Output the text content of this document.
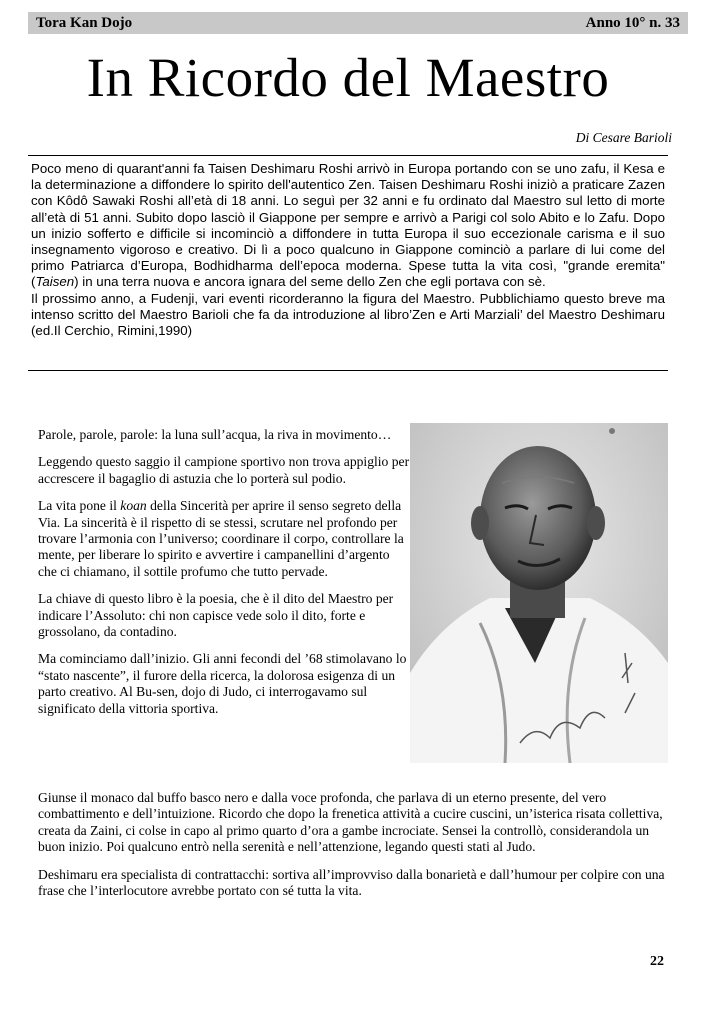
Tora Kan Dojo	Anno 10° n. 33
In Ricordo del Maestro
Di Cesare Barioli

Poco meno di quarant'anni fa Taisen Deshimaru Roshi arrivò in Europa portando con se uno zafu, il Kesa e la determinazione a diffondere lo spirito dell'autentico Zen. Taisen Deshimaru Roshi iniziò a praticare Zazen con Kôdô Sawaki Roshi all’età di 18 anni. Lo seguì per 32 anni e fu ordinato dal Maestro sul letto di morte all’età di 51 anni. Subito dopo lasciò il Giappone per sempre e arrivò a Parigi col solo Abito e lo Zafu. Dopo un inizio sofferto e difficile si incominciò a diffondere in tutta Europa il suo eccezionale carisma e il suo insegnamento vigoroso e creativo. Di lì a poco qualcuno in Giappone cominciò a parlare di lui come del primo Patriarca d’Europa, Bodhidharma dell’epoca moderna. Spese tutta la vita così, "grande eremita" (Taisen) in una terra nuova e ancora ignara del seme dello Zen che egli portava con sè.

Il prossimo anno, a Fudenji, vari eventi ricorderanno la figura del Maestro. Pubblichiamo questo breve ma intenso scritto del Maestro Barioli che fa da introduzione al libro’Zen e Arti Marziali’ del Maestro Deshimaru (ed.Il Cerchio, Rimini,1990)

Parole, parole, parole: la luna sull’acqua, la riva in movimento…

Leggendo questo saggio il campione sportivo non trova appiglio per accrescere il bagaglio di astuzia che lo porterà sul podio.

La vita pone il koan della Sincerità per aprire il senso segreto della Via. La sincerità è il rispetto di se stessi, scrutare nel profondo per trovare l’armonia con l’universo; coordinare il corpo, controllare la mente, per liberare lo spirito e avvertire i campanellini d’argento che ci chiamano, il sottile profumo che tutto pervade.

La chiave di questo libro è la poesia, che è il dito del Maestro per indicare l’Assoluto: chi non capisce vede solo il dito, forte e grossolano, da contadino.

Ma cominciamo dall’inizio. Gli anni fecondi del ’68 stimolavano lo “stato nascente”, il furore della ricerca, la dolorosa esigenza di un parto creativo. Al Bu-sen, dojo di Judo, ci interrogavamo sul significato della vittoria sportiva.

Giunse il monaco dal buffo basco nero e dalla voce profonda, che parlava di un eterno presente, del vero combattimento e dell’intuizione. Ricordo che dopo la frenetica attività a cucire cuscini, un’isterica risata collettiva, creata da Zaini, ci colse in capo al primo quarto d’ora a gambe incrociate. Sensei la controllò, considerandola un buon inizio. Poi qualcuno entrò nella serenità e nell’attenzione, legando questi stati al Judo.

Deshimaru era specialista di contrattacchi: sortiva all’improvviso dalla bonarietà e dall’humour per colpire con una frase che l’interlocutore avrebbe portato con sé tutta la vita.

22
